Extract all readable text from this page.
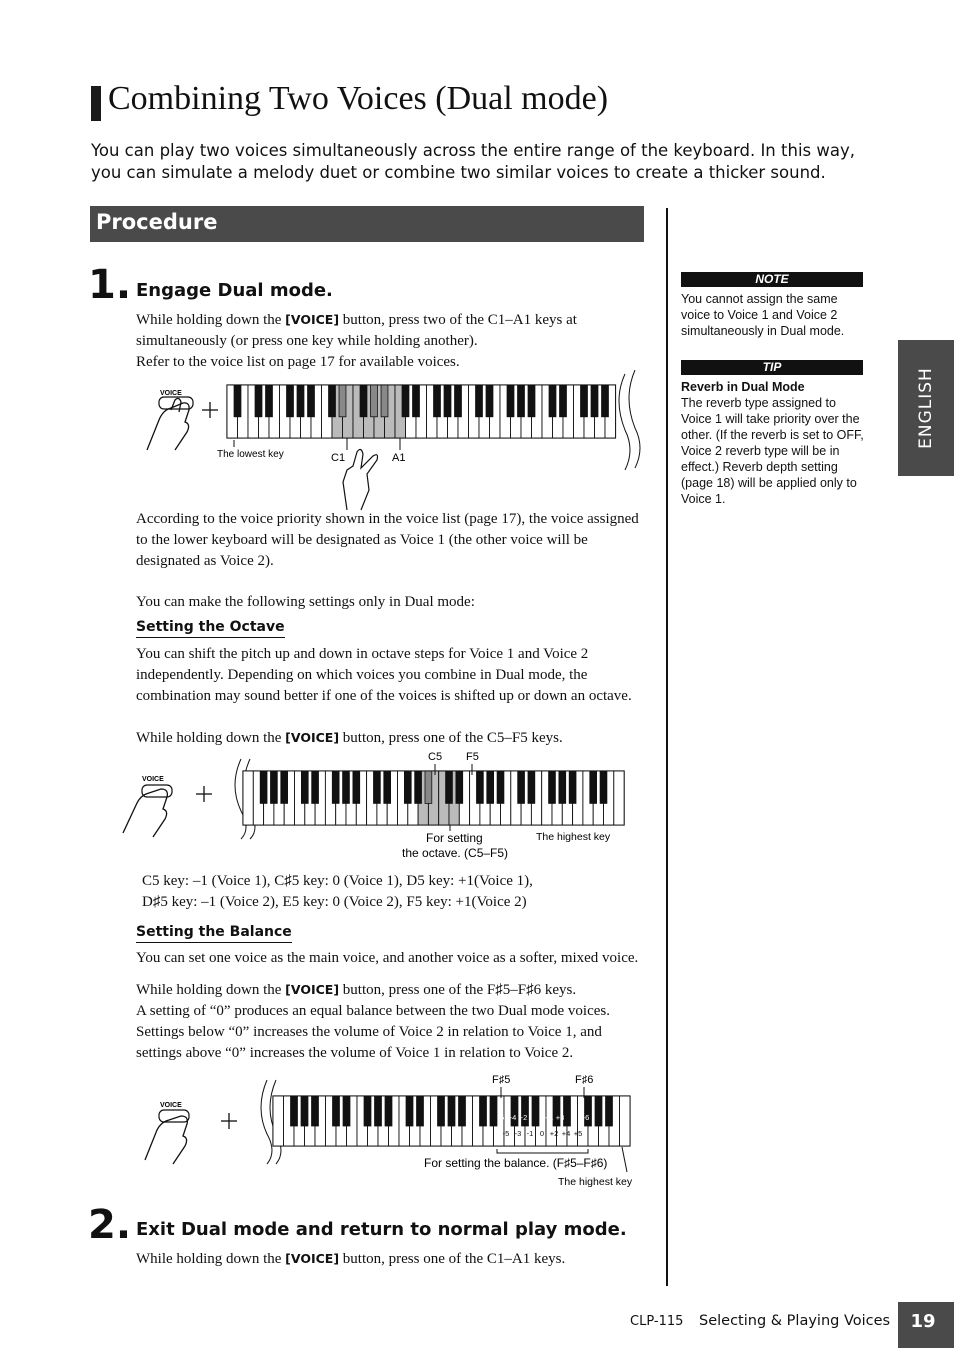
Combining Two Voices (Dual mode)
You can play two voices simultaneously across the entire range of the keyboard. In this way, you can simulate a melody duet or combine two similar voices to create a thicker sound.
Procedure
1. Engage Dual mode.
While holding down the [VOICE] button, press two of the C1–A1 keys at simultaneously (or press one key while holding another).
Refer to the voice list on page 17 for available voices.
VOICE
The lowest key	C1	A1
According to the voice priority shown in the voice list (page 17), the voice assigned to the lower keyboard will be designated as Voice 1 (the other voice will be designated as Voice 2).
You can make the following settings only in Dual mode:
Setting the Octave
You can shift the pitch up and down in octave steps for Voice 1 and Voice 2 independently. Depending on which voices you combine in Dual mode, the combination may sound better if one of the voices is shifted up or down an octave.
While holding down the [VOICE] button, press one of the C5–F5 keys.
VOICE
C5 F5
For setting
the octave. (C5–F5)
The highest key
C5 key: –1 (Voice 1), C♯5 key: 0 (Voice 1), D5 key: +1(Voice 1),
D♯5 key: –1 (Voice 2), E5 key: 0 (Voice 2), F5 key: +1(Voice 2)
Setting the Balance
You can set one voice as the main voice, and another voice as a softer, mixed voice.
While holding down the [VOICE] button, press one of the F♯5–F♯6 keys.
A setting of “0” produces an equal balance between the two Dual mode voices. Settings below “0” increases the volume of Voice 2 in relation to Voice 1, and settings above “0” increases the volume of Voice 1 in relation to Voice 2.
VOICE
-6 -4 -2 +1 +3 +6
-5 -3 -1 0 +2 +4 +5
F♯5	F♯6
For setting the balance. (F♯5–F♯6)
The highest key
2. Exit Dual mode and return to normal play mode.
While holding down the [VOICE] button, press one of the C1–A1 keys.
NOTE
You cannot assign the same voice to Voice 1 and Voice 2 simultaneously in Dual mode.
TIP
Reverb in Dual Mode
The reverb type assigned to Voice 1 will take priority over the other. (If the reverb is set to OFF, Voice 2 reverb type will be in effect.) Reverb depth setting (page 18) will be applied only to Voice 1.
ENGLISH
CLP-115 Selecting & Playing Voices	19
